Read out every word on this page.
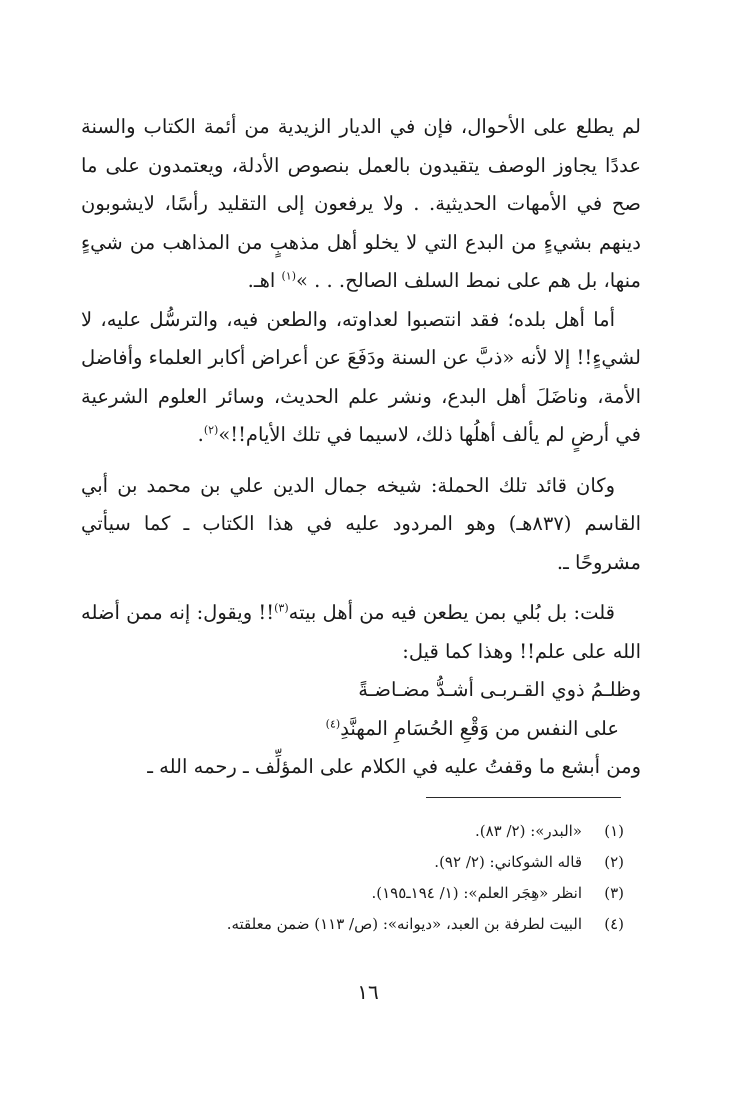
لم يطلع على الأحوال، فإن في الديار الزيدية من أئمة الكتاب والسنة عددًا يجاوز الوصف يتقيدون بالعمل بنصوص الأدلة، ويعتمدون على ما صح في الأمهات الحديثية. . ولا يرفعون إلى التقليد رأسًا، لايشوبون دينهم بشيءٍ من البدع التي لا يخلو أهل مذهبٍ من المذاهب من شيءٍ منها، بل هم على نمط السلف الصالح. . . »$^{(١)}$ اهـ.

أما أهل بلده؛ فقد انتصبوا لعداوته، والطعن فيه، والترسُّل عليه، لا لشيءٍ!! إلا لأنه «ذبَّ عن السنة ودَفَعَ عن أعراض أكابر العلماء وأفاضل الأمة، وناضَلَ أهل البدع، ونشر علم الحديث، وسائر العلوم الشرعية في أرضٍ لم يألف أهلُها ذلك، لاسيما في تلك الأيام!!»$^{(٢)}$.

وكان قائد تلك الحملة: شيخه جمال الدين علي بن محمد بن أبي القاسم (٨٣٧هـ) وهو المردود عليه في هذا الكتاب ـ كما سيأتي مشروحًا ـ.

قلت: بل بُلي بمن يطعن فيه من أهل بيته$^{(٣)}$!! ويقول: إنه ممن أضله الله على علم!! وهذا كما قيل:

وظلـمُ ذوي القـربـى أشـدُّ مضـاضـةً

على النفس من وَقْعِ الحُسَامِ المهنَّدِ$^{(٤)}$

ومن أبشع ما وقفتُ عليه في الكلام على المؤلِّف ـ رحمه الله ـ

(١)
«البدر»: (٢/ ٨٣).
(٢)
قاله الشوكاني: (٢/ ٩٢).
(٣)
انظر «هِجَر العلم»: (١/ ١٩٤ـ١٩٥).
(٤)
البيت لطرفة بن العبد، «ديوانه»: (ص/ ١١٣) ضمن معلقته.
١٦
